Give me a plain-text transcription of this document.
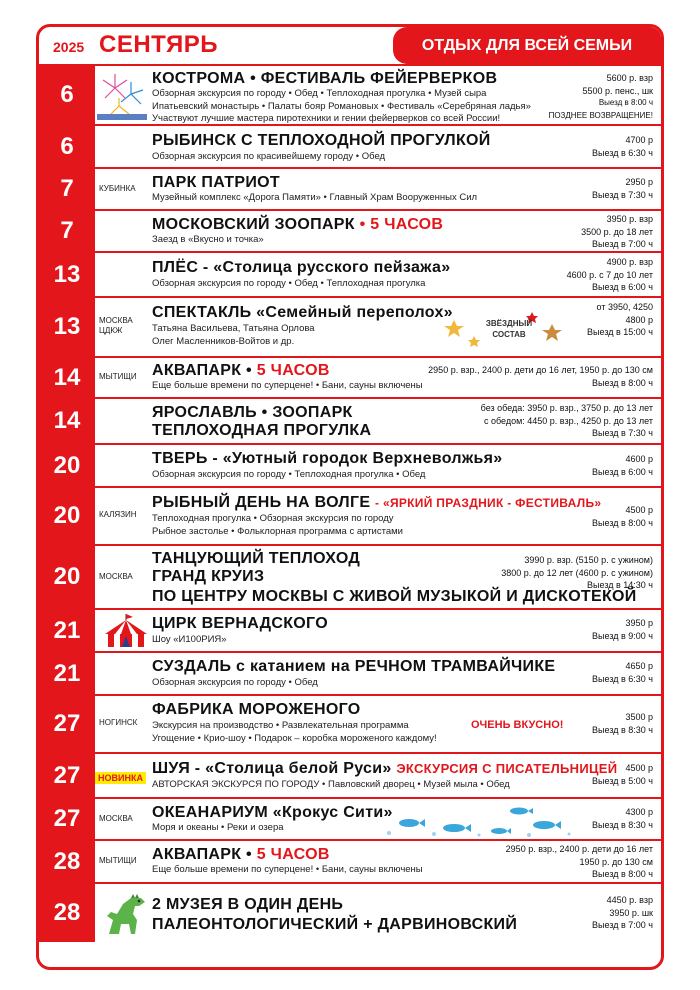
2025 СЕНТЯРЬ	ОТДЫХ ДЛЯ ВСЕЙ СЕМЬИ
6
КОСТРОМА • ФЕСТИВАЛЬ ФЕЙЕРВЕРКОВ
Обзорная экскурсия по городу • Обед • Теплоходная прогулка • Музей сыра
Ипатьевский монастырь • Палаты бояр Романовых • Фестиваль «Серебряная ладья»
Участвуют лучшие мастера пиротехники и гении фейерверков со всей России!
5600 р. взр
5500 р. пенс., шк
Выезд в 8:00 ч
ПОЗДНЕЕ ВОЗВРАЩЕНИЕ!
6	РЫБИНСК С ТЕПЛОХОДНОЙ ПРОГУЛКОЙ
Обзорная экскурсия по красивейшему городу • Обед
4700 р
Выезд в 6:30 ч
7	КУБИНКА	ПАРК ПАТРИОТ
Музейный комплекс «Дорога Памяти» • Главный Храм Вооруженных Сил
2950 р
Выезд в 7:30 ч
7	МОСКОВСКИЙ ЗООПАРК • 5 ЧАСОВ
Заезд в «Вкусно и точка»
3950 р. взр
3500 р. до 18 лет
Выезд в 7:00 ч
13	ПЛЁС - «Столица русского пейзажа»
Обзорная экскурсия по городу • Обед • Теплоходная прогулка
4900 р. взр
4600 р. с 7 до 10 лет
Выезд в 6:00 ч
13	МОСКВА ЦДКЖ
СПЕКТАКЛЬ «Семейный переполох»
Татьяна Васильева, Татьяна Орлова
Олег Масленников-Войтов и др.
ЗВЁЗДНЫЙ СОСТАВ
от 3950, 4250
4800 р
Выезд в 15:00 ч
14	МЫТИЩИ АКВАПАРК • 5 ЧАСОВ
Еще больше времени по суперцене! • Бани, сауны включены
2950 р. взр., 2400 р. дети до 16 лет, 1950 р. до 130 см
Выезд в 8:00 ч
14	ЯРОСЛАВЛЬ • ЗООПАРК
ТЕПЛОХОДНАЯ ПРОГУЛКА
без обеда: 3950 р. взр., 3750 р. до 13 лет
с обедом: 4450 р. взр., 4250 р. до 13 лет
Выезд в 7:30 ч
20	ТВЕРЬ - «Уютный городок Верхневолжья»
Обзорная экскурсия по городу • Теплоходная прогулка • Обед
4600 р
Выезд в 6:00 ч
20	КАЛЯЗИН
РЫБНЫЙ ДЕНЬ НА ВОЛГЕ - «ЯРКИЙ ПРАЗДНИК - ФЕСТИВАЛЬ»
Теплоходная прогулка • Обзорная экскурсия по городу
Рыбное застолье • Фольклорная программа с артистами
4500 р
Выезд в 8:00 ч
20	МОСКВА
ТАНЦУЮЩИЙ ТЕПЛОХОД
ГРАНД КРУИЗ
ПО ЦЕНТРУ МОСКВЫ С ЖИВОЙ МУЗЫКОЙ И ДИСКОТЕКОЙ
3990 р. взр. (5150 р. с ужином)
3800 р. до 12 лет (4600 р. с ужином)
Выезд в 14:30 ч
21	ЦИРК ВЕРНАДСКОГО
Шоу «И100РИЯ»
3950 р
Выезд в 9:00 ч
21	СУЗДАЛЬ с катанием на РЕЧНОМ ТРАМВАЙЧИКЕ
Обзорная экскурсия по городу • Обед
4650 р
Выезд в 6:30 ч
27	НОГИНСК
ФАБРИКА МОРОЖЕНОГО
Экскурсия на производство • Развлекательная программа
Угощение • Крио-шоу • Подарок – коробка мороженого каждому!
ОЧЕНЬ ВКУСНО!
3500 р
Выезд в 8:30 ч
27	НОВИНКА
ШУЯ - «Столица белой Руси» ЭКСКУРСИЯ С ПИСАТЕЛЬНИЦЕЙ
АВТОРСКАЯ ЭКСКУРСЯ ПО ГОРОДУ • Павловский дворец • Музей мыла • Обед
4500 р
Выезд в 5:00 ч
27	МОСКВА	ОКЕАНАРИУМ «Крокус Сити»
Моря и океаны • Реки и озера
4300 р
Выезд в 8:30 ч
28	МЫТИЩИ АКВАПАРК • 5 ЧАСОВ
Еще больше времени по суперцене! • Бани, сауны включены
2950 р. взр., 2400 р. дети до 16 лет
1950 р. до 130 см
Выезд в 8:00 ч
28	2 МУЗЕЯ В ОДИН ДЕНЬ
ПАЛЕОНТОЛОГИЧЕСКИЙ + ДАРВИНОВСКИЙ
4450 р. взр
3950 р. шк
Выезд в 7:00 ч
